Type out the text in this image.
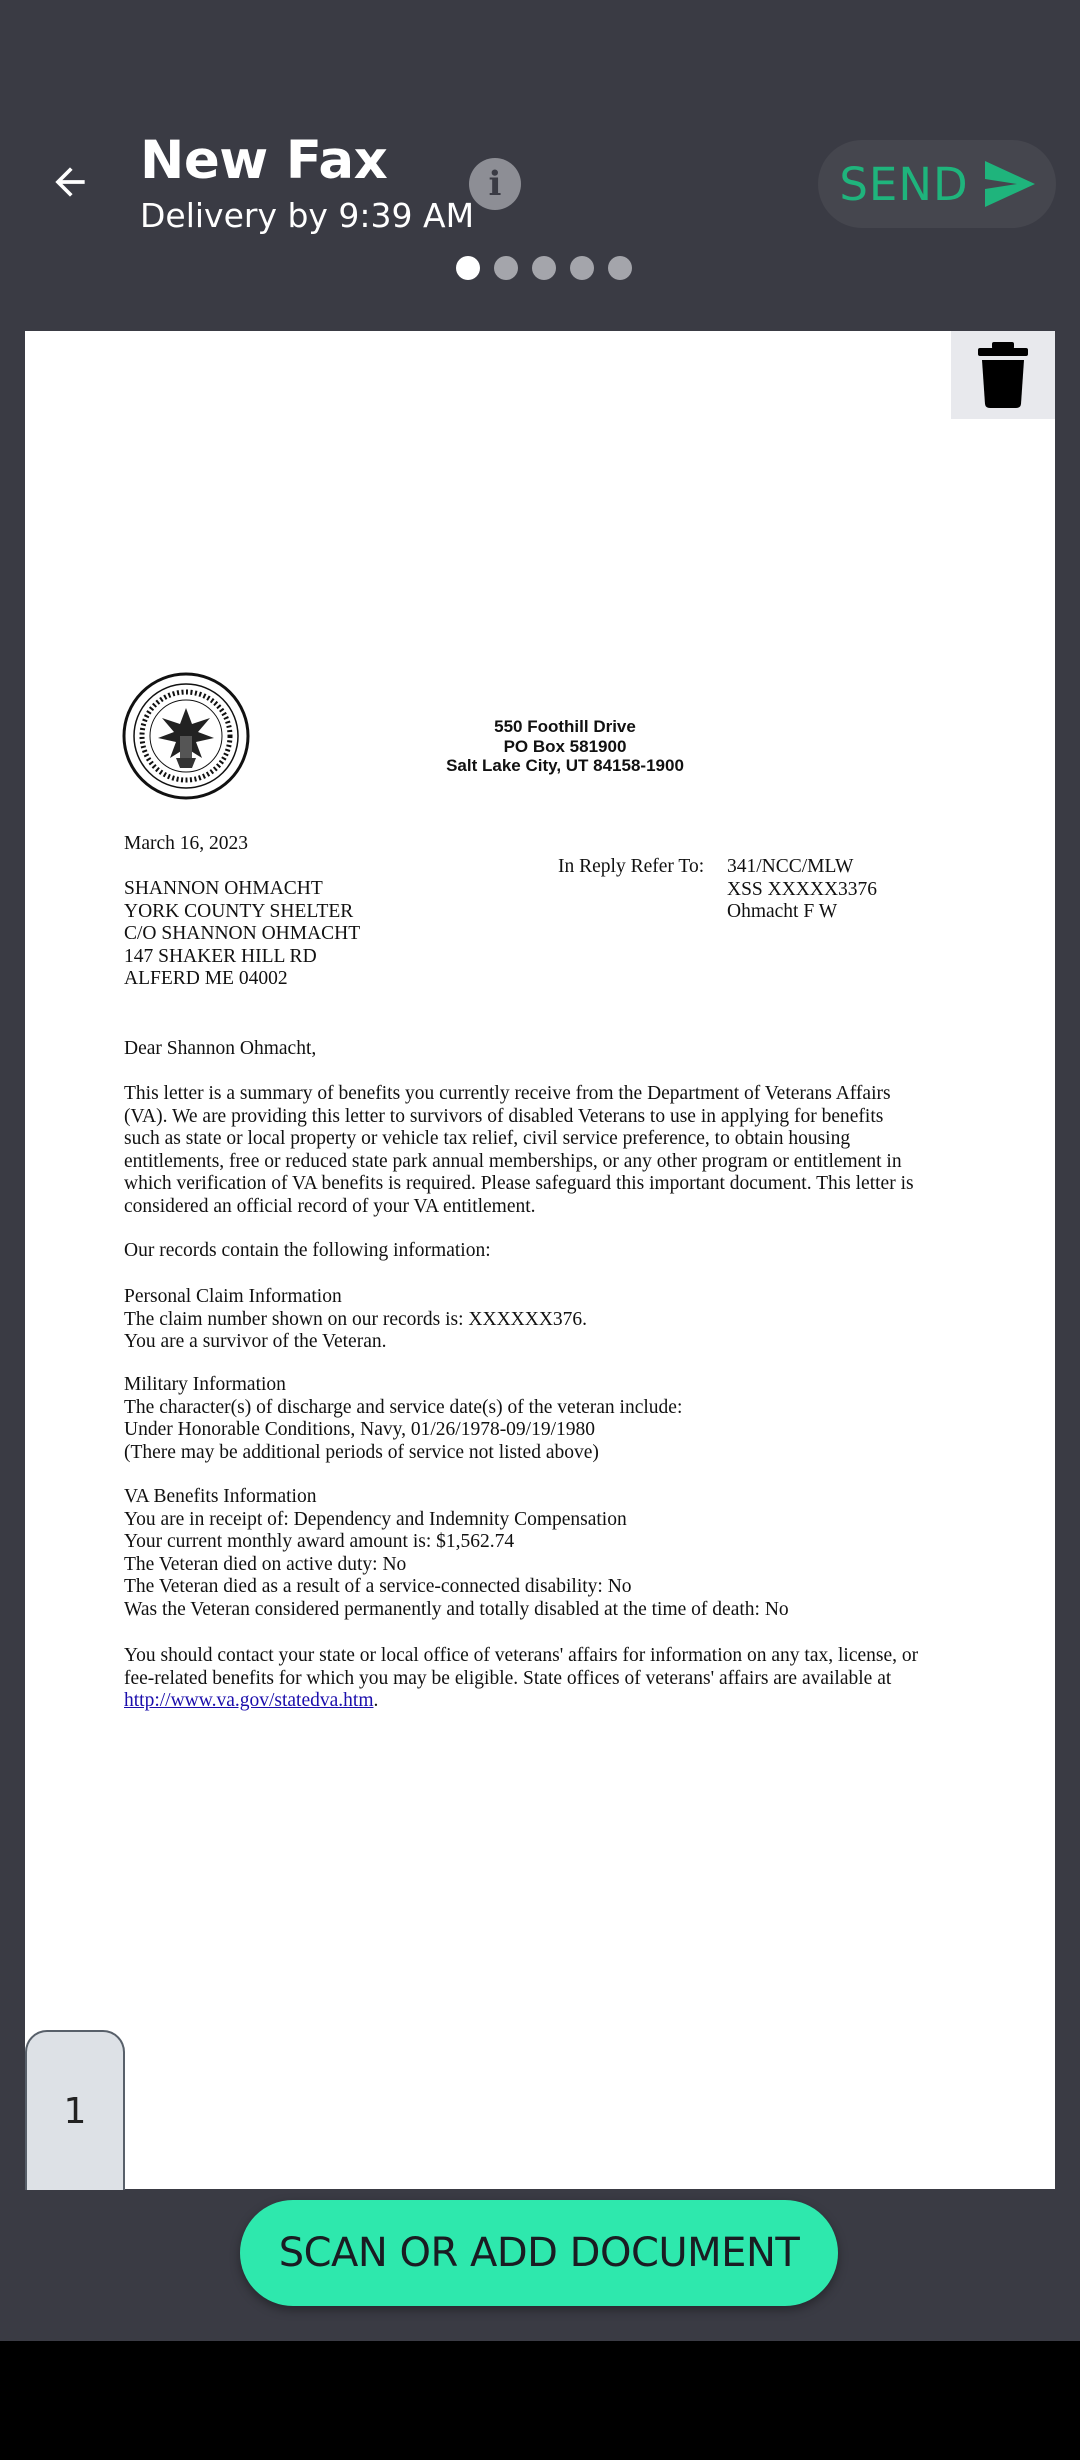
New Fax
Delivery by 9:39 AM
i	SEND
550 Foothill Drive
PO Box 581900
Salt Lake City, UT 84158-1900
March 16, 2023
In Reply Refer To: 341/NCC/MLW
XSS XXXXX3376
Ohmacht F W
SHANNON OHMACHT
YORK COUNTY SHELTER
C/O SHANNON OHMACHT
147 SHAKER HILL RD
ALFERD ME 04002
Dear Shannon Ohmacht,
This letter is a summary of benefits you currently receive from the Department of Veterans Affairs
(VA). We are providing this letter to survivors of disabled Veterans to use in applying for benefits
such as state or local property or vehicle tax relief, civil service preference, to obtain housing
entitlements, free or reduced state park annual memberships, or any other program or entitlement in
which verification of VA benefits is required. Please safeguard this important document. This letter is
considered an official record of your VA entitlement.
Our records contain the following information:
Personal Claim Information
The claim number shown on our records is: XXXXXX376.
You are a survivor of the Veteran.
Military Information
The character(s) of discharge and service date(s) of the veteran include:
Under Honorable Conditions, Navy, 01/26/1978-09/19/1980
(There may be additional periods of service not listed above)
VA Benefits Information
You are in receipt of: Dependency and Indemnity Compensation
Your current monthly award amount is: $1,562.74
The Veteran died on active duty: No
The Veteran died as a result of a service-connected disability: No
Was the Veteran considered permanently and totally disabled at the time of death: No
You should contact your state or local office of veterans' affairs for information on any tax, license, or
fee-related benefits for which you may be eligible. State offices of veterans' affairs are available at
http://www.va.gov/statedva.htm.
1
SCAN OR ADD DOCUMENT
